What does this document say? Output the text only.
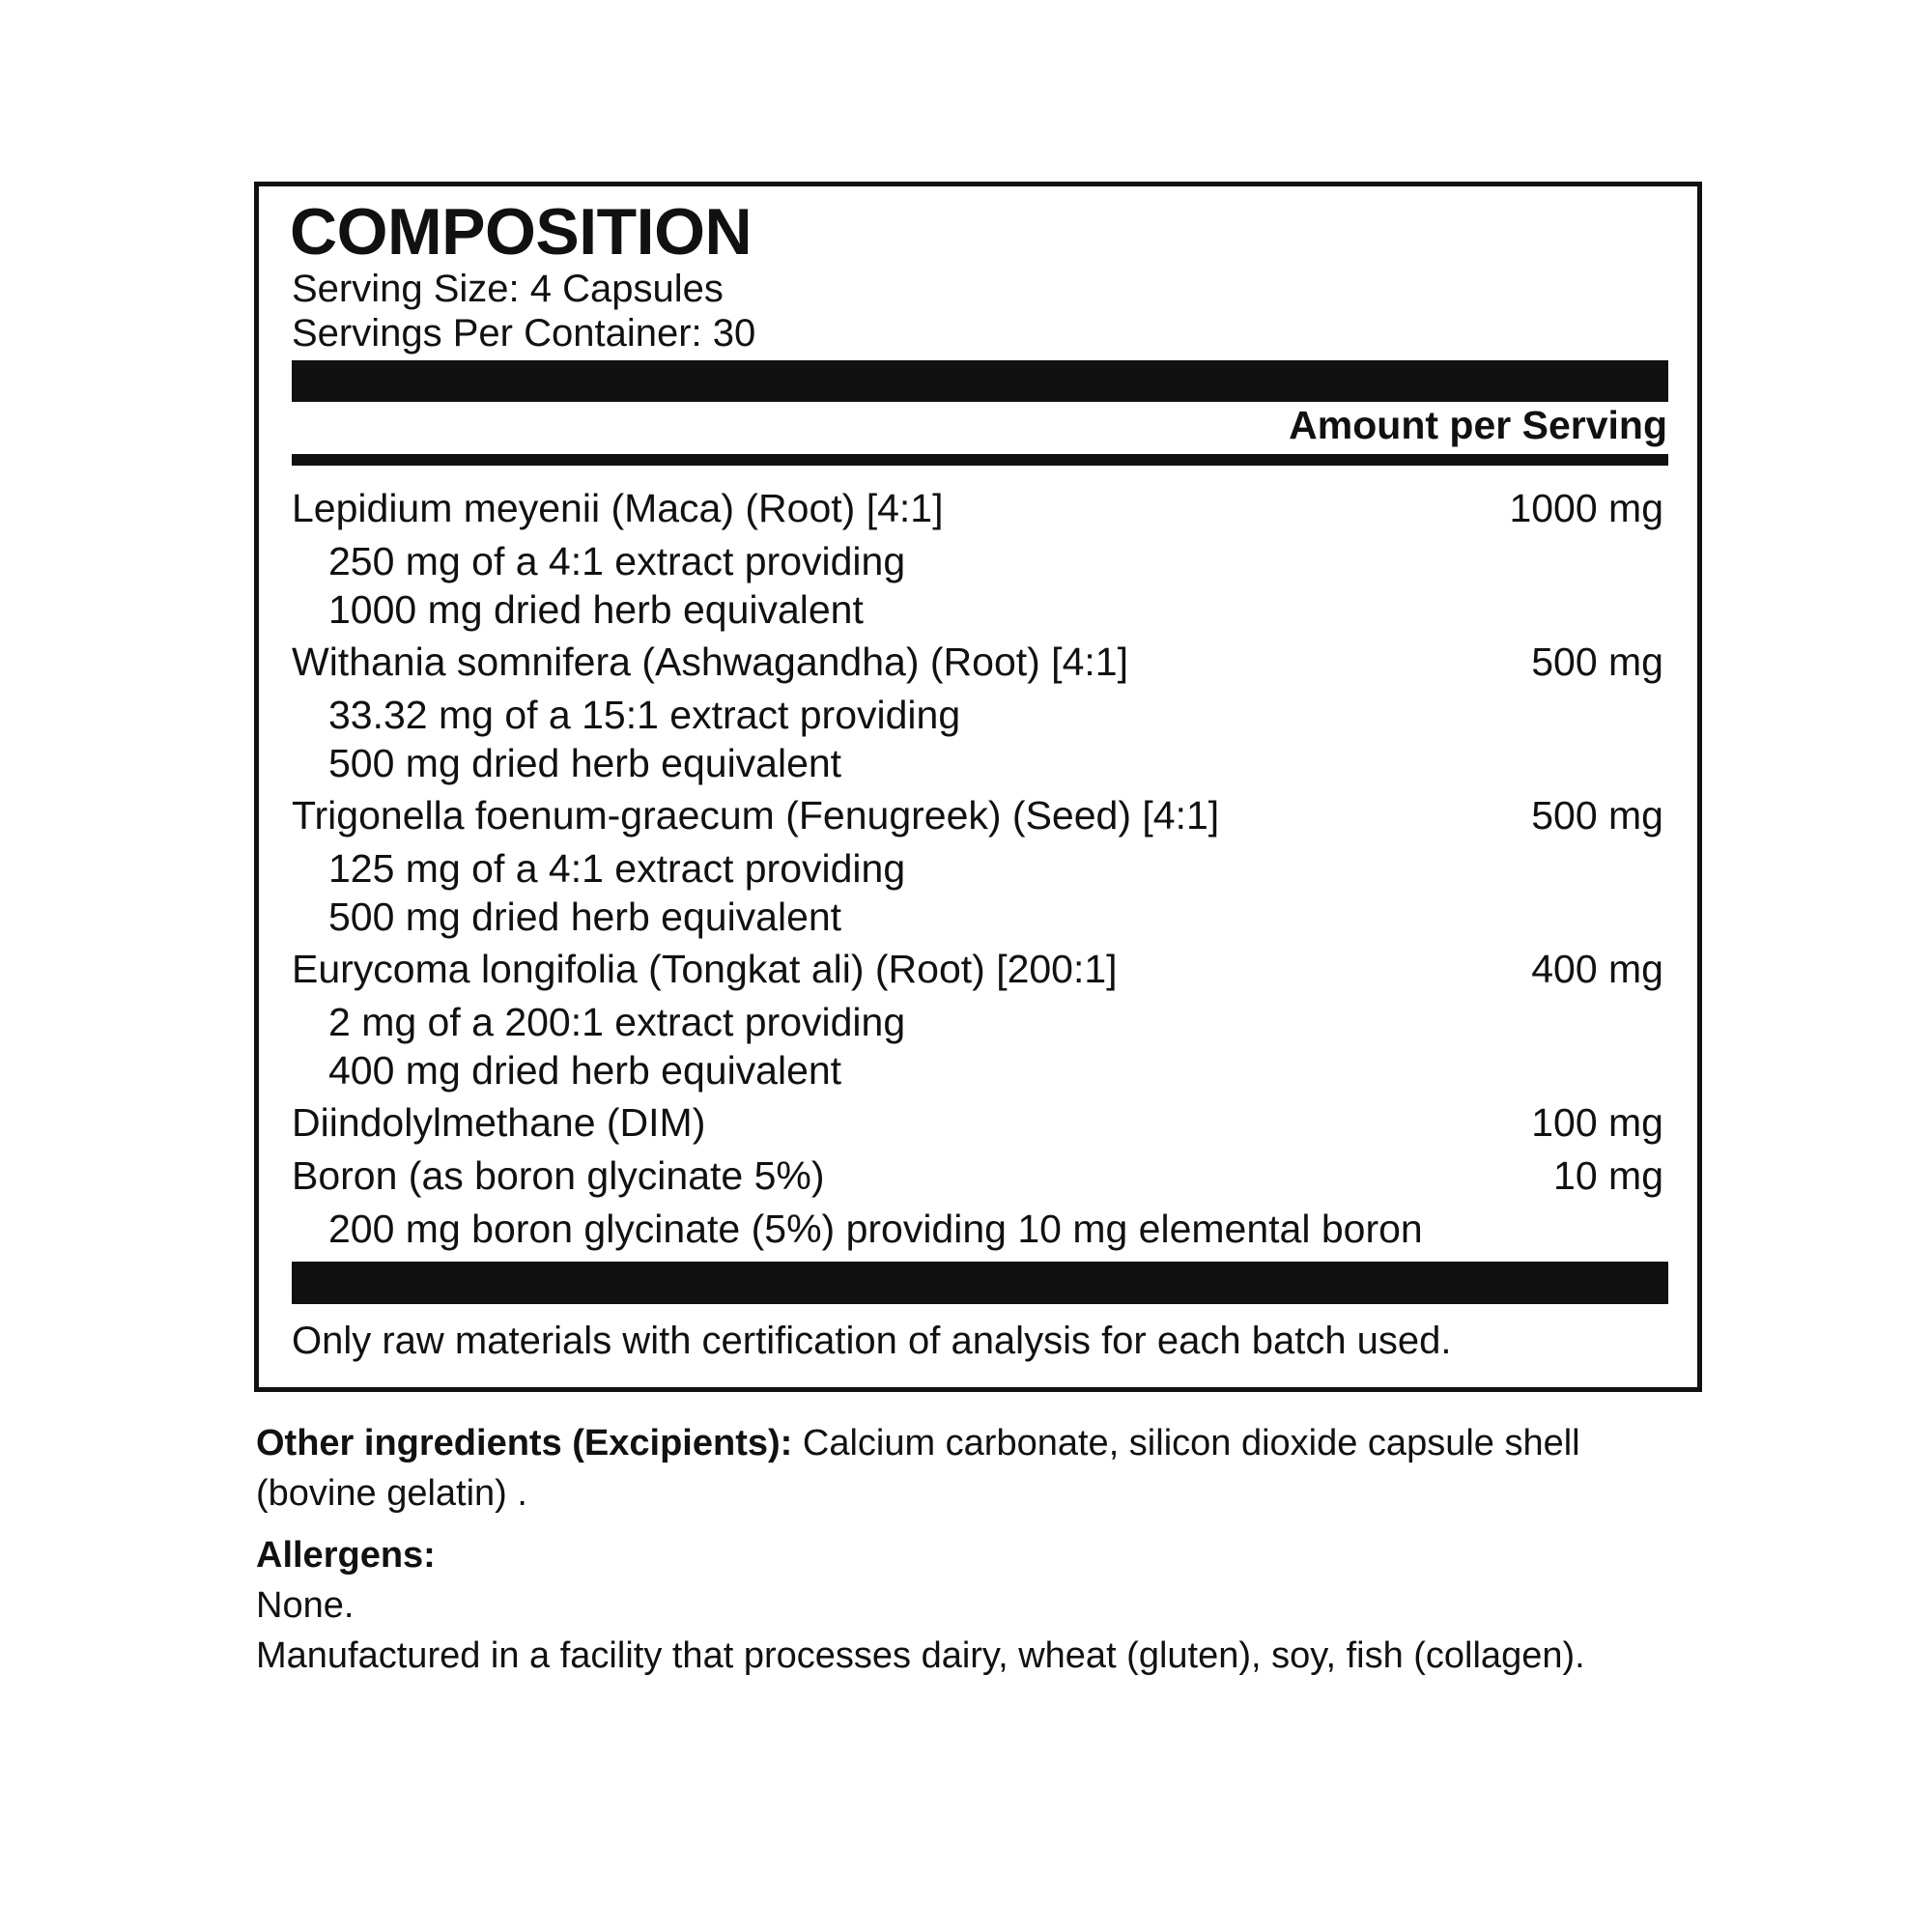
COMPOSITION
Serving Size: 4 Capsules
Servings Per Container: 30
Amount per Serving
Lepidium meyenii (Maca) (Root) [4:1]	1000 mg
250 mg of a 4:1 extract providing
1000 mg dried herb equivalent
Withania somnifera (Ashwagandha) (Root) [4:1]	500 mg
33.32 mg of a 15:1 extract providing
500 mg dried herb equivalent
Trigonella foenum-graecum (Fenugreek) (Seed) [4:1]	500 mg
125 mg of a 4:1 extract providing
500 mg dried herb equivalent
Eurycoma longifolia (Tongkat ali) (Root) [200:1]	400 mg
2 mg of a 200:1 extract providing
400 mg dried herb equivalent
Diindolylmethane (DIM)	100 mg
Boron (as boron glycinate 5%)	10 mg
200 mg boron glycinate (5%) providing 10 mg elemental boron
Only raw materials with certification of analysis for each batch used.
Other ingredients (Excipients): Calcium carbonate, silicon dioxide capsule shell (bovine gelatin) .
Allergens:
None.
Manufactured in a facility that processes dairy, wheat (gluten), soy, fish (collagen).
